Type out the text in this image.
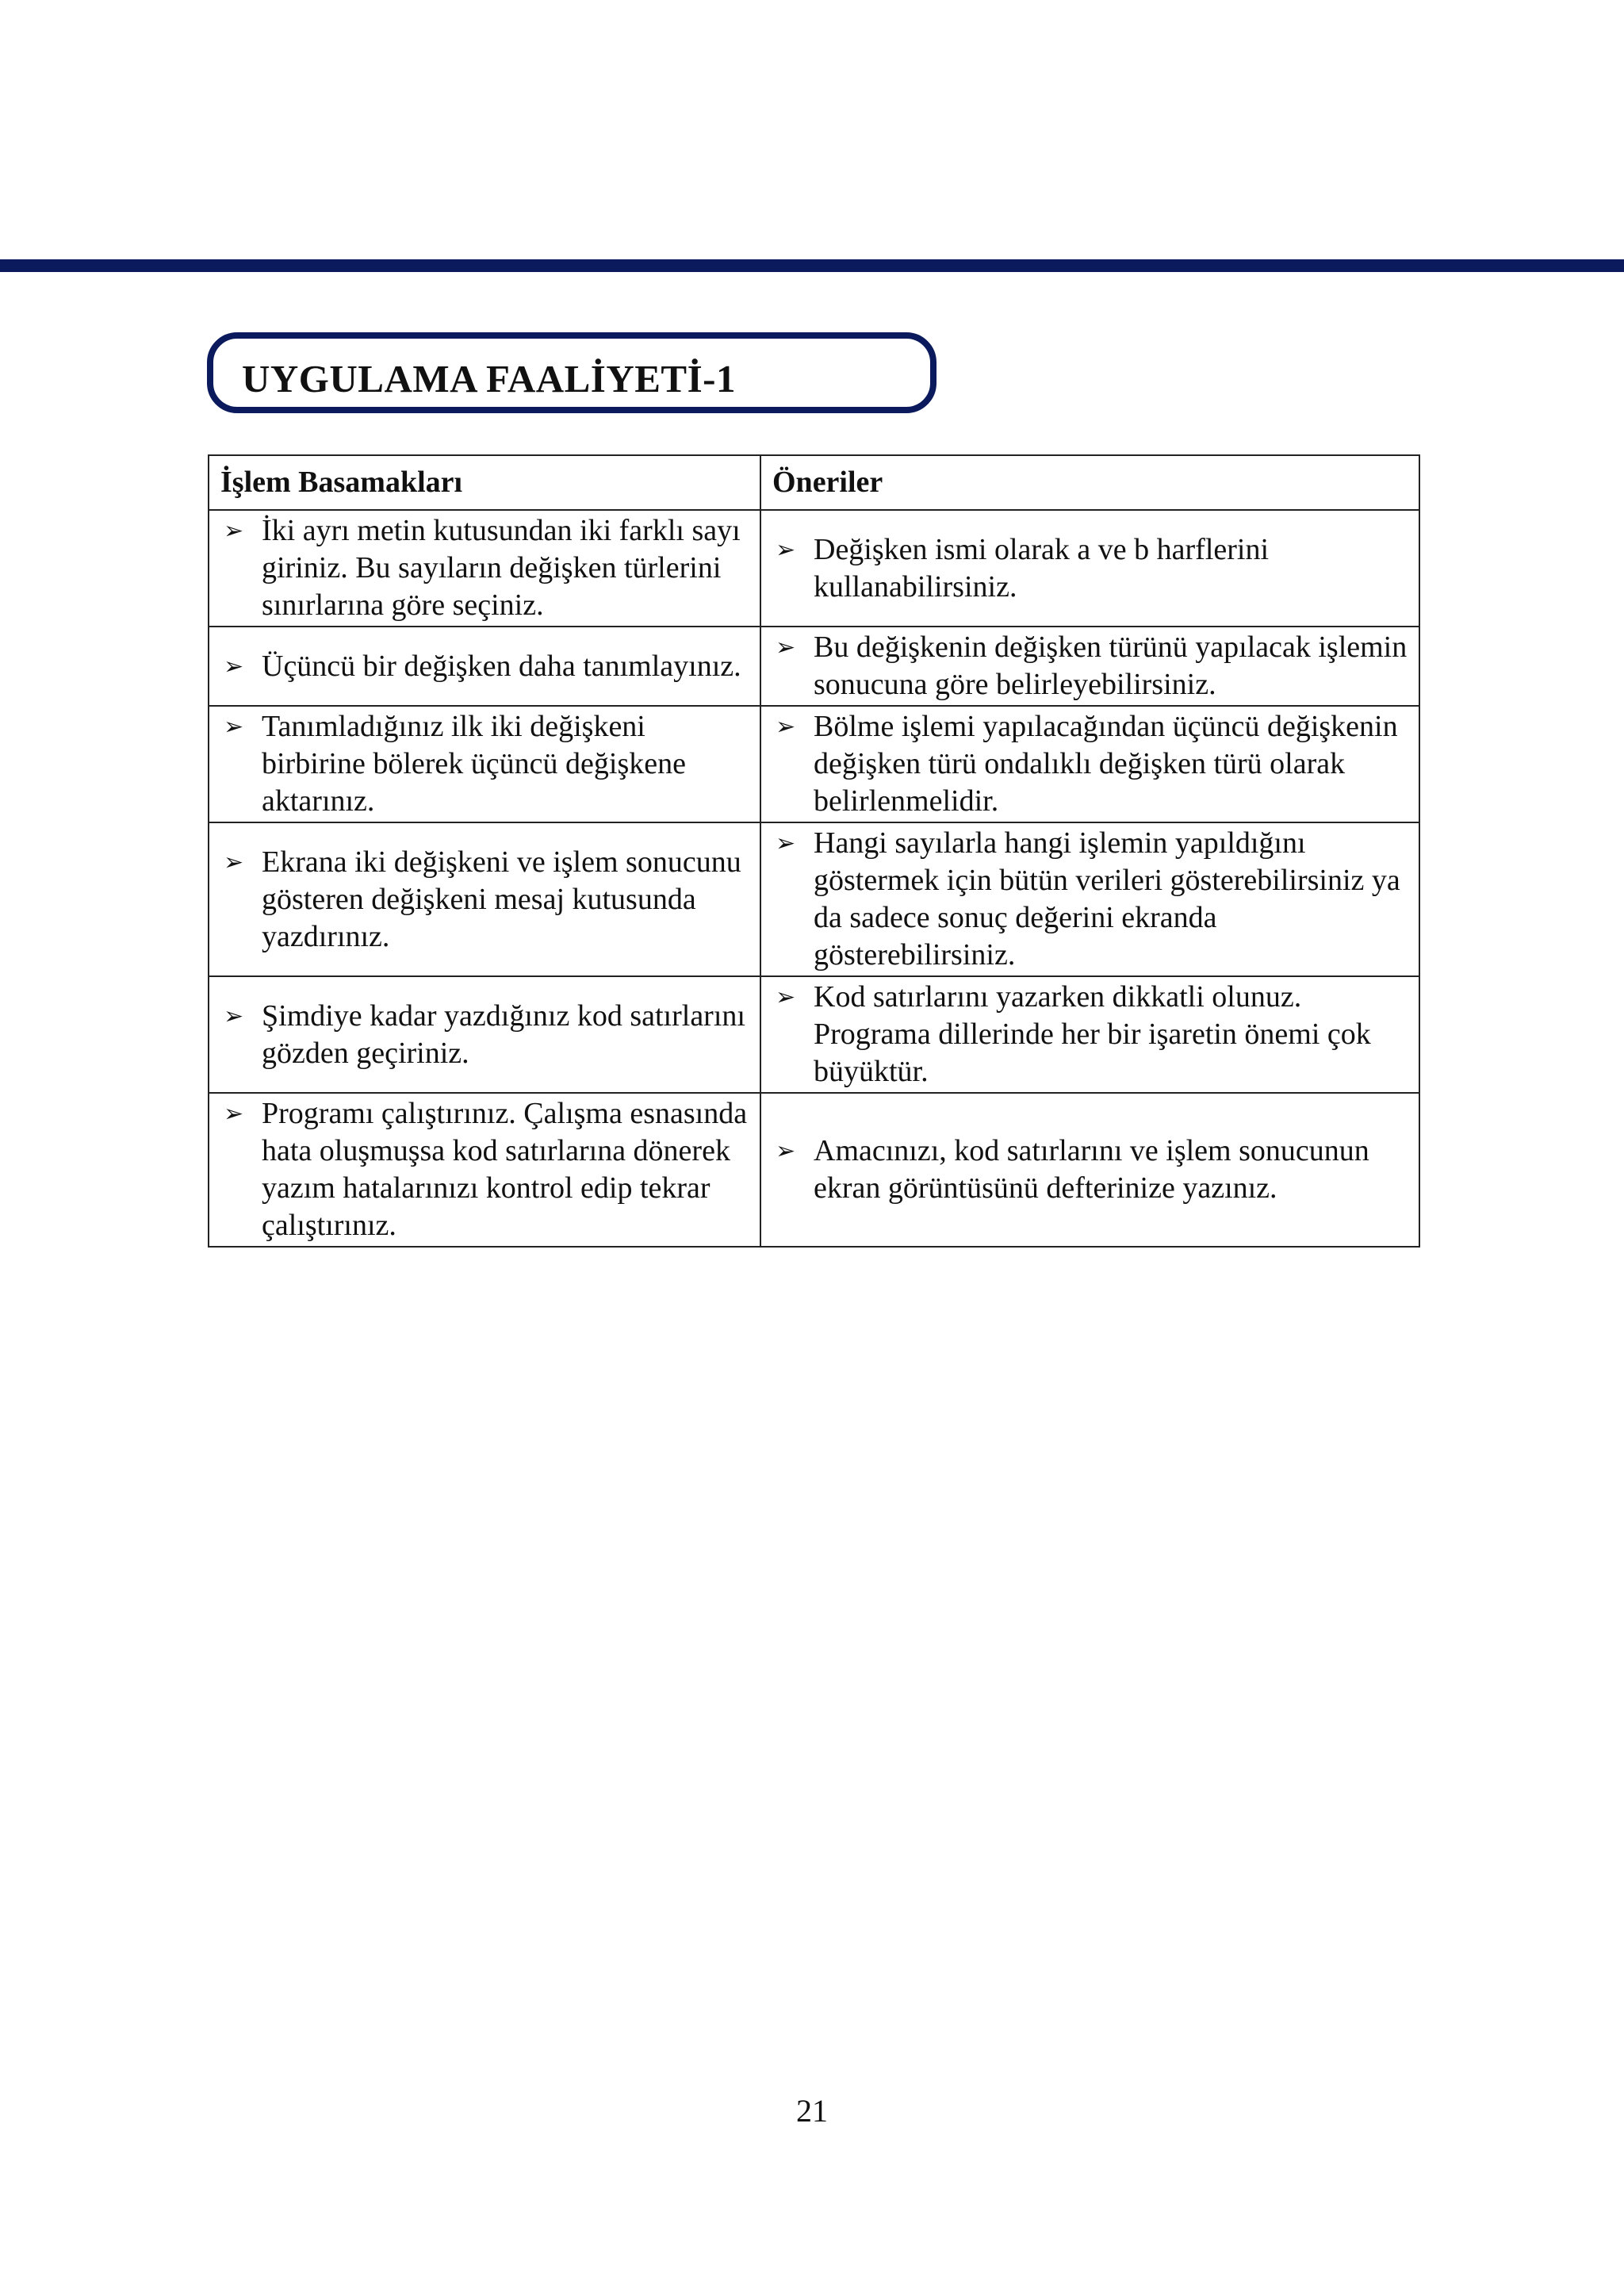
UYGULAMA FAALİYETİ-1
İşlem Basamakları	Öneriler

➢ İki ayrı metin kutusundan iki farklı sayı giriniz. Bu sayıların değişken türlerini sınırlarına göre seçiniz.	➢ Değişken ismi olarak a ve b harflerini kullanabilirsiniz.

➢ Üçüncü bir değişken daha tanımlayınız.	➢ Bu değişkenin değişken türünü yapılacak işlemin sonucuna göre belirleyebilirsiniz.

➢ Tanımladığınız ilk iki değişkeni birbirine bölerek üçüncü değişkene aktarınız.	➢ Bölme işlemi yapılacağından üçüncü değişkenin değişken türü ondalıklı değişken türü olarak belirlenmelidir.

➢ Ekrana iki değişkeni ve işlem sonucunu gösteren değişkeni mesaj kutusunda yazdırınız.	➢ Hangi sayılarla hangi işlemin yapıldığını göstermek için bütün verileri gösterebilirsiniz ya da sadece sonuç değerini ekranda gösterebilirsiniz.

➢ Şimdiye kadar yazdığınız kod satırlarını gözden geçiriniz.	➢ Kod satırlarını yazarken dikkatli olunuz. Programa dillerinde her bir işaretin önemi çok büyüktür.

➢ Programı çalıştırınız. Çalışma esnasında hata oluşmuşsa kod satırlarına dönerek yazım hatalarınızı kontrol edip tekrar çalıştırınız.	➢ Amacınızı, kod satırlarını ve işlem sonucunun ekran görüntüsünü defterinize yazınız.
21
